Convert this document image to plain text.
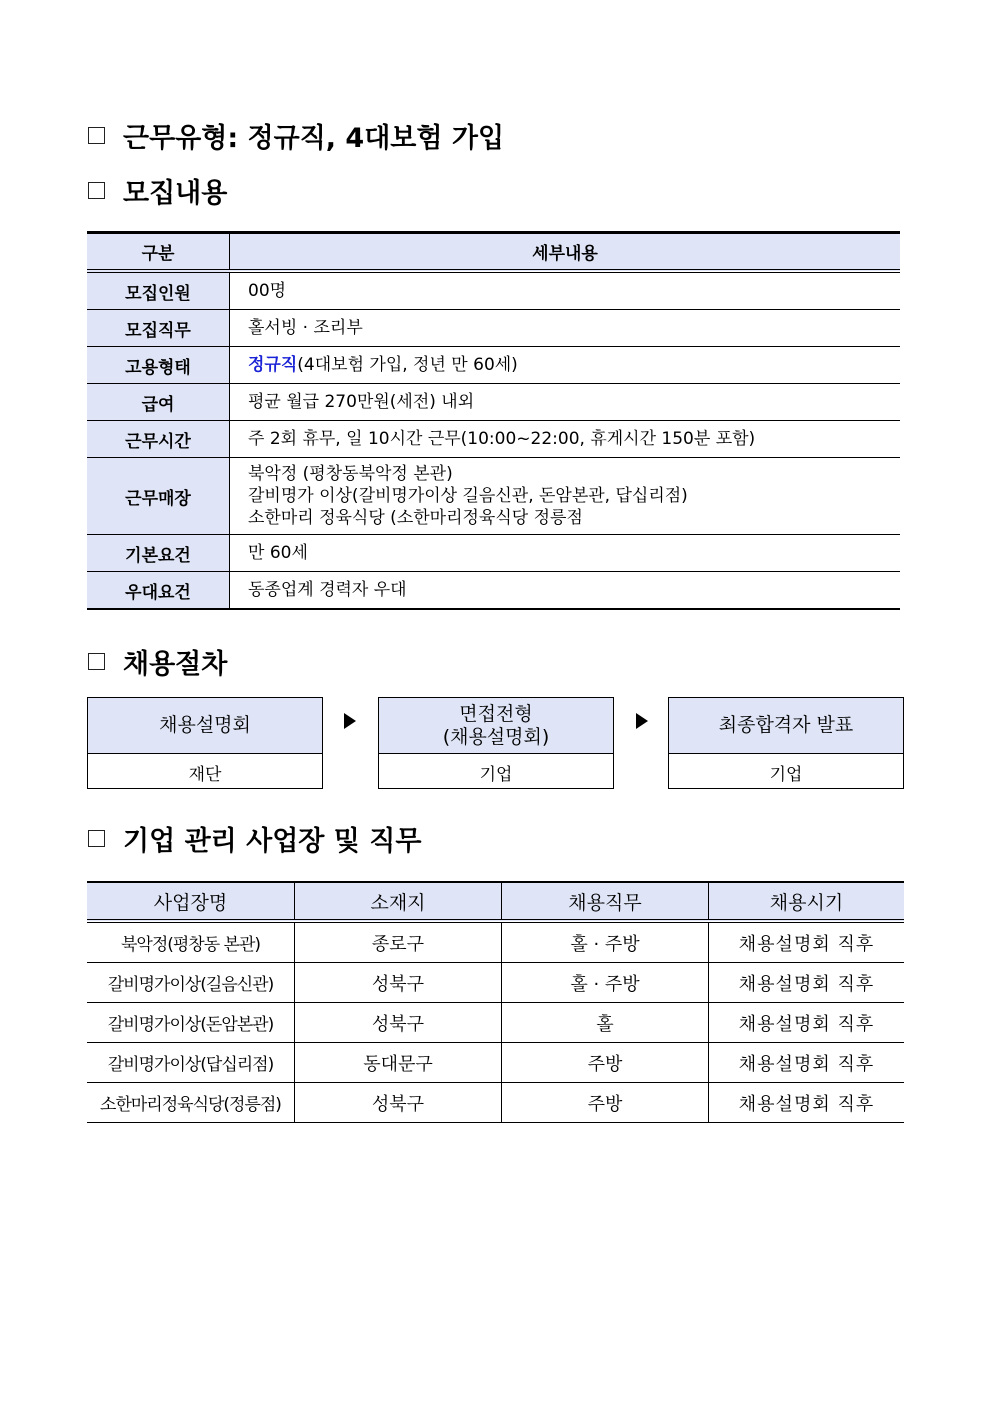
근무유형: 정규직, 4대보험 가입
모집내용
구분	세부내용
모집인원	00명
모집직무	홀서빙 · 조리부
고용형태	정규직(4대보험 가입, 정년 만 60세)
급여	평균 월급 270만원(세전) 내외
근무시간	주 2회 휴무, 일 10시간 근무(10:00~22:00, 휴게시간 150분 포함)
근무매장	북악정 (평창동북악정 본관)
갈비명가 이상(갈비명가이상 길음신관, 돈암본관, 답십리점)
소한마리 정육식당 (소한마리정육식당 정릉점

기본요건	만 60세
우대요건	동종업계 경력자 우대
채용절차
채용설명회
재단
면접전형
(채용설명회)
기업
최종합격자 발표
기업
기업 관리 사업장 및 직무
사업장명	소재지	채용직무	채용시기
북악정(평창동 본관)	종로구	홀 · 주방	채용설명회 직후
갈비명가이상(길음신관)	성북구	홀 · 주방	채용설명회 직후
갈비명가이상(돈암본관)	성북구	홀	채용설명회 직후
갈비명가이상(답십리점)	동대문구	주방	채용설명회 직후
소한마리정육식당(정릉점)	성북구	주방	채용설명회 직후
